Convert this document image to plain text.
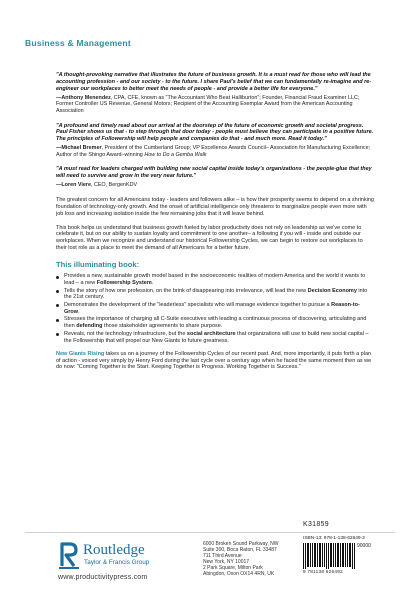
Business & Management
"A thought-provoking narrative that illustrates the future of business growth. It is a must read for those who will lead the accounting profession - and our society - to the future. I share Paul's belief that we can fundamentally re-imagine and re-engineer our workplaces to better meet the needs of people - and provide a better life for everyone."
—Anthony Menendez, CPA, CFE, known as "The Accountant Who Beat Halliburton"; Founder, Financial Fraud Examiner LLC; Former Controller US Revenue, General Motors; Recipient of the Accounting Exemplar Award from the American Accounting Association
"A profound and timely read about our arrival at the doorstep of the future of economic growth and societal progress. Paul Fisher shows us that - to step through that door today - people must believe they can participate in a positive future. The principles of Followership will help people and companies do that - and much more. Read it today."
—Michael Bremer, President of the Cumberland Group; VP Excellence Awards Council– Association for Manufacturing Excellence; Author of the Shingo Award–winning How to Do a Gemba Walk
"A must read for leaders charged with building new social capital inside today's organizations - the people-glue that they will need to survive and grow in the very near future."
—Loren Viere, CEO, BergenKDV

The greatest concern for all Americans today - leaders and followers alike – is how their prosperity seems to depend on a shrinking foundation of technology-only growth. And the onset of artificial intelligence only threatens to marginalize people even more with job loss and increasing isolation inside the few remaining jobs that it will leave behind.

This book helps us understand that business growth fueled by labor productivity does not rely on leadership as we've come to celebrate it, but on our ability to sustain loyalty and commitment to one another– a following if you will - inside and outside our workplaces. When we recognize and understand our historical Followership Cycles, we can begin to restore our workplaces to their lost role as a place to meet the demand of all Americans for a better future.

This illuminating book:
Provides a new, sustainable growth model based in the socioeconomic realities of modern America and the world it wants to lead – a new Followership System.
Tells the story of how one profession, on the brink of disappearing into irrelevance, will lead the new Decision Economy into the 21st century.
Demonstrates the development of the "leaderless" specialists who will manage evidence together to pursue a Reason-to-Grow.
Stresses the importance of charging all C-Suite executives with leading a continuous process of discovering, articulating and then defending those stakeholder agreements to share purpose.
Reveals, not the technology infrastructure, but the social architecture that organizations will use to build new social capital – the Followership that will propel our New Giants to future greatness.

New Giants Rising takes us on a journey of the Followership Cycles of our recent past. And, more importantly, it puts forth a plan of action - voiced very simply by Henry Ford during the last cycle over a century ago when he faced the same moment then as we do now: "Coming Together is the Start. Keeping Together is Progress. Working Together is Success."

K31859
Routledge
Taylor & Francis Group
www.productivitypress.com
6000 Broken Sound Parkway, NW
Suite 300, Boca Raton, FL 33487
711 Third Avenue
New York, NY 10017
2 Park Square, Milton Park
Abingdon, Oxon OX14 4RN, UK
ISBN-13: 978-1-138-62649-2
90000
9 781138 626492
